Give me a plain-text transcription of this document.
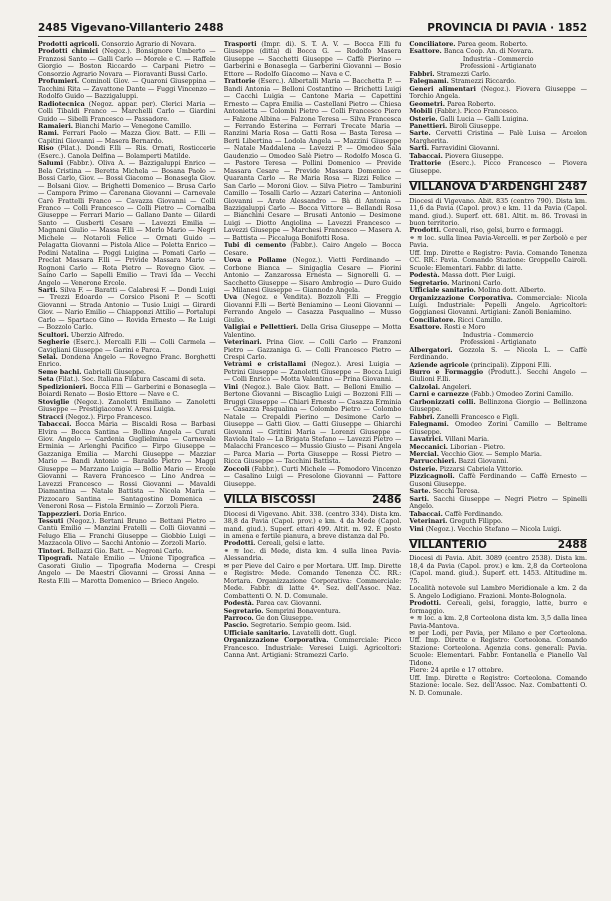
2485 Vigevano-Villanterio 2488	PROVINCIA DI PAVIA · 1852

Prodotti agricoli. Consorzio Agrario di Novara.

Prodotti chimici (Negoz.). Bonsignore Umberto — Franzosi Santo — Galli Carlo — Morele e C. — Raffele Giorgio — Boston Riccardo — Carpani Pietro — Consorzio Agrario Novara — Fioravanti Bussi Carlo.

Profumieri. Cominoli Giov. — Quaroni Giuseppina — Tacchini Rita — Zavattone Dante — Fuggi Vincenzo — Rodolfo Guido — Bazzigaluppi.

Radiotecnica (Negoz. appar. per). Clerici Maria — Colli Tibaldi Franco — Marchelli Carlo — Giardini Guido — Sibelli Francesco — Passadore.

Ramaieri. Bianchi Mario — Venegone Camillo.

Rami. Ferrari Paolo — Mazza Giov. Batt. — F.lli — Capitini Giovanni — Masera Bernardo.

Riso (Pilat.). Dondi F.lli — Ris. Ornati, Rosticcerie (Eserc.). Canola Delfina — Bolamperti Matilde.

Salumi (Fabbr.). Oliva A. — Bazzigaluppi Enrico — Bela Cristina — Beretta Michela — Bosana Paolo — Bossi Carlo, Giov. — Bossi Giacomo — Bonasegla Giov. — Bolsani Giov. — Brighetti Domenico — Brusa Carlo — Campora Primo — Carenana Giovanni — Carnevale Carò Frattelli Franco — Cavazza Giovanni — Colli Franco — Colli Francesco — Colli Pietro — Cornalba Giuseppe — Ferrari Mario — Gallano Dante — Gilardi Santo — Gusberti Cesare — Lavezzi Emilia — Magnani Giulio — Massa F.lli — Merlo Mario — Negri Michele — Notaroli Felice — Ornati Guido — Pelagatta Giovanni — Pistola Alice — Poletta Enrico — Podini Natalina — Poggi Luigina — Pomati Carlo — Preclat Massara F.lli — Privide Massara Mario — Rognoni Carlo — Rota Pietro — Rovegno Giov. — Saino Carlo — Sapelli Emilio — Travi Ida — Vecchi Angelo — Venerone Ercole.

Sarti. Silva F. — Baratti — Calabresi F. — Dondi Luigi — Trezzi Edoardo — Corsico Pisoni P. — Scotti Giovanni — Strada Antonio — Tusio Luigi — Girardi Giov. — Nario Emilio — Chiapponzi Attilio — Portalupi Carlo — Spartaco Gino — Rovida Ernesto — Re Luigi — Bozzolo Carlo.

Scultori. Uberzio Alfredo.

Segherie (Eserc.). Mercalli F.lli — Colli Carmela — Cavigliani Giuseppe — Garini e Parca.

Selai. Dondena Angelo — Rovegno Franc. Borghetti Enrico.

Seme bachi. Gabrielli Giuseppe.

Seta (Filat.). Soc. Italiana Filatura Cascami di seta.

Spedizionieri. Bocca F.lli — Garberini e Bonasegla — Boiardi Renato — Bosio Ettore — Nave e C.

Stoviglie (Negoz.). Zanoletti Emiliano — Zanoletti Giuseppe — Prestigiacomo V. Aresi Luigia.

Stracci (Negoz.). Firpo Francesco.

Tabaccai. Bocca Maria — Biscaldi Rosa — Barbasi Elvira — Bocca Santina — Bollino Angela — Curati Giov. Angelo — Cardenia Guglielmina — Carnevale Erminia — Arlenghi Pacifico — Firpo Giuseppe — Gazzaniga Emilia — Marchi Giuseppe — Mazziar Mario — Bandi Antonio — Baraldo Pietro — Maggi Giuseppe — Marzano Luigia — Bollio Mario — Ercole Giovanni — Ravera Francesco — Lino Andrea — Lavezzi Francesco — Rossi Giovanni — Mavaldi Diamantina — Natale Battista — Nicola Maria — Pizzocaro Santina — Santagostino Domenica — Veneroni Rosa — Fistola Erminio — Zorzoli Piera.

Tappezzieri. Doria Enrico.

Tessuti (Negoz.). Bertani Bruno — Bettani Pietro — Cantù Emilio — Manzini Fratelli — Colli Giovanni — Felugo Elia — Franchi Giuseppe — Giobbio Luigi — Mazzacola Olivo — Sacchi Antonio — Zorzoli Mario.

Tintori. Bellazzi Gio. Batt. — Negroni Carlo.

Tipografi. Natale Emilio — Unione Tipografica — Casorati Giulio — Tipografia Moderna — Crespi Angelo — De Maestri Giovanni — Grossi Anna — Resta F.lli — Marotta Domenico — Brieco Angelo.

Trasporti (Impr. di). S. T. A. V. — Bocca F.lli fu Giuseppe (ditta) di Bocca G. — Rodolfo Masera Giuseppe — Sacchetti Giuseppe — Caffè Pierino — Garberini e Bonasegla — Garberini Giovanni — Bosio Ettore — Rodolfo Giacomo — Nava e C.

Trattorie (Eserc.). Albertalli Maria — Bacchetta P. — Bandi Antonia — Belloni Costantino — Brichetti Luigi — Cacchi Luigia — Cantone Maria — Capettini Ernesto — Capra Emilia — Castellani Pietro — Chiesa Antonietta — Colombi Pietro — Colli Francesco Piero — Falzone Albina — Falzone Teresa — Silva Francesca — Ferrando Esterina — Ferrari Trecate Maria — Ranzini Maria Rosa — Gatti Rosa — Basta Teresa — Berti Libertina — Lodola Angela — Mazzini Giuseppe — Natale Maddalena — Lavezzi P. — Omodeo Sala Gaudenzio — Omodeo Salè Pietro — Rodolfo Mosca G. — Pastore Teresa — Pollini Domenico — Previde Massara Cesare — Previde Massara Domenico — Quaranta Carlo — Re Maria Rosa — Rizzi Felice — San Carlo — Moroni Giov. — Silva Pietro — Tamburini Camillo — Tosalli Carlo — Azzari Caterina — Antonioli Giovanni — Arate Alessandro — Bà di Antonia — Bazzigaluppi Carlo — Bocca Vittore — Bellandi Rosa — Bianchini Cesare — Brusati Antonio — Desimone Luigi — Diotto Angiolina — Lavezzi Francesco — Lavezzi Giuseppe — Marchesi Francesco — Masera A. — Battista — Piccaluga Bonifotti Rosa.

Tubi di cemento (Fabbr.). Cairo Angelo — Bocca Cesare.

Uova e Pollame (Negoz.). Vietti Ferdinando — Corbone Bianca — Sinigaglia Cesare — Fiorini Antonio — Zanzarossa Ernesta — Signorelli G. — Sacchetto Giuseppe — Sisaro Ambrogio — Duro Guido — Milanesi Giuseppe — Giannodo Angela.

Uva (Negoz. e Vendita). Bozzoli F.lli — Freggio Giovanni F.lli — Bertè Beniamino — Leoni Giovanni — Ferrando Angelo — Casazza Pasqualino — Musso Giulio.

Valigiai e Pellettieri. Della Grisa Giuseppe — Motta Valentino.

Veterinari. Prina Giov. — Colli Carlo — Franzoni Pietro — Gazzaniga G. — Colli Francesco Pietro — Crespi Carlo.

Vetrami e cristallami (Negoz.). Aresi Luigia — Petrini Giuseppe — Zanoletti Giuseppe — Bocca Luigi — Colli Enrico — Motta Valentino — Prina Giovanni.

Vini (Negoz.). Bale Giov. Batt. — Belloni Emilio — Bertone Giovanni — Biscaglio Luigi — Bozzoni F.lli — Bruggi Giuseppe — Chiari Ernesto — Casazza Erminia — Casazza Pasqualina — Colombo Pietro — Colombo Natale — Crepaldi Pierino — Desimone Carlo — Giuseppe — Gatti Giov. — Gatti Giuseppe — Ghiarchi Giovanni — Grittini Maria — Lorenzi Giuseppe — Raviola Italo — La Brigata Stefano — Lavezzi Pietro — Malacchi Francesco — Mussio Giusto — Pisani Angela — Parca Maria — Porta Giuseppe — Rossi Pietro — Ricca Giuseppe — Tacchini Battista.

Zoccoli (Fabbr.). Curti Michele — Pomodoro Vincenzo — Casalino Luigi — Fresolone Giovanni — Fattore Giuseppe.

VILLA BISCOSSI	2486

Diocesi di Vigevano. Abit. 338. (centro 334). Dista km. 38,8 da Pavia (Capol. prov.) e km. 4 da Mede (Capol. mand. giud.). Superf. ettari 499. Altit. m. 92. È posto in amena e fertile pianura, a breve distanza dal Po.

Prodotti. Cereali, gelsi e latte.

⚭ ≋ loc. di Mede, dista km. 4 sulla linea Pavia-Alessandria.

✉ per Pieve del Cairo e per Mortara. Uff. Imp. Dirette e Registro: Mede. Comando Tenenza CC. RR.: Mortara. Organizzazione Corporativa: Commerciale: Mede. Fabbr. di latte 4ª. Sez. dell'Assoc. Naz. Combattenti O. N. D. Comunale.

Podestà. Parea cav. Giovanni.

Segretario. Semprini Bonaventura.

Parroco. Ge don Giuseppe.

Pascio. Segretario. Sempio geom. Isid.

Ufficiale sanitario. Lavatelli dott. Gugl.

Organizzazione Corporativa. Commerciale: Picco Francesco. Industriale: Veresei Luigi. Agricoltori: Canna Ant. Artigiani: Stramezzi Carlo.

Conciliatore. Parea geom. Roberto.

Esattore. Banca Coop. An. di Novara.

Industria - Commercio

Professioni - Artigianato

Fabbri. Stramezzi Carlo.

Falegnami. Stramezzi Riccardo.

Generi alimentari (Negoz.). Fiovera Giuseppe — Torchio Angela.

Geometri. Parea Roberto.

Mobili (Fabbr.). Picco Francesco.

Osterie. Galli Lucia — Galli Luigina.

Panettieri. Biroli Giuseppe.

Sarte. Cervetti Cristina — Palè Luisa — Arcelon Margherita.

Sarti. Farravidini Giovanni.

Tabaccai. Piovera Giuseppe.

Trattorie (Eserc.). Picco Francesco — Piovera Giuseppe.

VILLANOVA D'ARDENGHI 2487

Diocesi di Vigevano. Abit. 835 (centro 790). Dista km. 11,6 da Pavia (Capol. prov.) e km. 11 da Pavia (Capol. mand. giud.). Superf. ett. 681. Altit. m. 86. Trovasi in buon territorio.

Prodotti. Cereali, riso, gelsi, burro e formaggi.

⚭ ≋ loc. sulla linea Pavia-Vercelli. ✉ per Zerbolò e per Pavia.

Uff. Imp. Dirette e Registro: Pavia. Comando Tenenza CC. RR.: Pavia. Comando Stazione: Groppello Cairoli. Scuole: Elementari. Fabbr. di latte.

Podestà. Massa dott. Pier Luigi.

Segretario. Marinoni Carlo.

Ufficiale sanitario. Molina dott. Alberto.

Organizzazione Corporativa. Commerciale: Nicola Luigi. Industriale: Pepelli Angelo. Agricoltori: Goggianesi Giovanni. Artigiani: Zanoli Beniamino.

Conciliatore. Ricci Camillo.

Esattore. Rosti e Moro

Industria - Commercio

Professioni - Artigianato

Albergatori. Gozzola S. — Nicola L. — Caffè Ferdinando.

Aziende agricole (principali). Zipponi F.lli.

Burro e Formaggio (Produtt.). Secchi Angelo — Giulioni F.lli.

Calzolai. Angeleri.

Carni e carnezze (Fabb.) Omodeo Zorini Camillo.

Carbonizzati colli. Bellinzona Giorgio — Bellinzona Giuseppe.

Fabbri. Zanelli Francesco e Figli.

Falegnami. Omodeo Zorini Camillo — Beltrame Giuseppe.

Lavatrici. Villani Maria.

Meccanici. Liborian - Pietro.

Mercial. Vecchio Giov. — Semplo Maria.

Parrucchieri. Bazzi Giovanni.

Osterie. Pizzarsi Cabriela Vittorio.

Pizzicagnoli. Caffè Ferdinando — Caffè Ernesto — Gusoni Giuseppe.

Sarte. Secchi Teresa.

Sarti. Sacchi Giuseppe — Negri Pietro — Spinelli Angelo.

Tabaccai. Caffè Ferdinando.

Veterinari. Greguth Filippo.

Vini (Negoz.). Vecchio Stefano — Nicola Luigi.

VILLANTERIO	2488

Diocesi di Pavia. Abit. 3089 (centro 2538). Dista km. 18,4 da Pavia (Capol. prov.) e km. 2,8 da Corteolona (Capol. mand. giud.). Superf. ett. 1453. Altitudine m. 75.

Località notevole sul Lambro Meridionale a km. 2 da S. Angelo Lodigiano. Frazioni. Monte-Bolognola.

Prodotti. Cereali, gelsi, foraggio, latte, burro e formaggio.

⚭ ≋ loc. a km. 2,8 Corteolona dista km. 3,5 dalla linea Pavia-Mantova.

✉ per Lodi, per Pavia, per Milano e per Corteolona. Uff. Imp. Dirette e Registro: Corteolona. Comando Stazione: Corteolona. Agenzia cons. generali: Pavia. Scuole: Elementari. Fabbr. Fontanella e Pianello Val Tidone.

Fiere: 24 aprile e 17 ottobre.

Uff. Imp. Dirette e Registro: Corteolona. Comando Stazione: locale. Sez. dell'Assoc. Naz. Combattenti O. N. D. Comunale.
